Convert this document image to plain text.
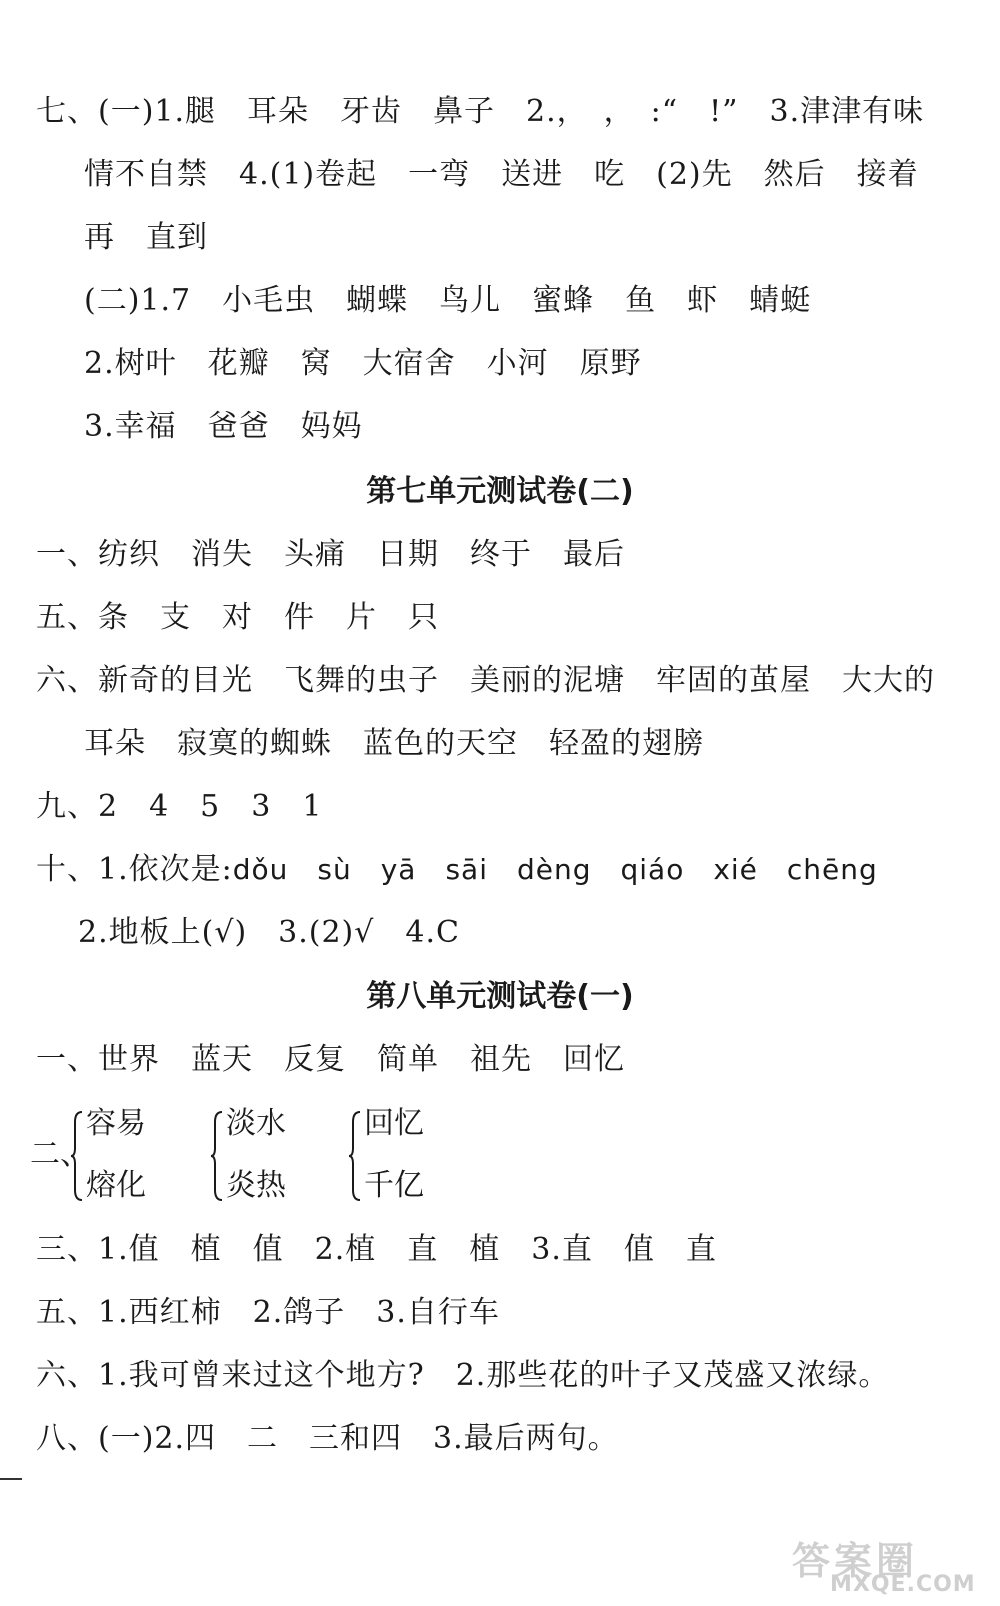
七、(一)1.腿　耳朵　牙齿　鼻子　2.，　，　:“　!”　3.津津有味
情不自禁　4.(1)卷起　一弯　送进　吃　(2)先　然后　接着
再　直到
(二)1.7　小毛虫　蝴蝶　鸟儿　蜜蜂　鱼　虾　蜻蜓
2.树叶　花瓣　窝　大宿舍　小河　原野
3.幸福　爸爸　妈妈
第七单元测试卷(二)
一、纺织　消失　头痛　日期　终于　最后
五、条　支　对　件　片　只
六、新奇的目光　飞舞的虫子　美丽的泥塘　牢固的茧屋　大大的
耳朵　寂寞的蜘蛛　蓝色的天空　轻盈的翅膀
九、2　4　5　3　1
十、1.依次是:dǒu　sù　yā　sāi　dèng　qiáo　xié　chēng
2.地板上(√)　3.(2)√　4.C
第八单元测试卷(一)
一、世界　蓝天　反复　简单　祖先　回忆
二、
容易
熔化
淡水
炎热
回忆
千亿
三、1.值　植　值　2.植　直　植　3.直　值　直
五、1.西红柿　2.鸽子　3.自行车
六、1.我可曾来过这个地方?　2.那些花的叶子又茂盛又浓绿。
八、(一)2.四　二　三和四　3.最后两句。
答案圈
MXQE.COM
